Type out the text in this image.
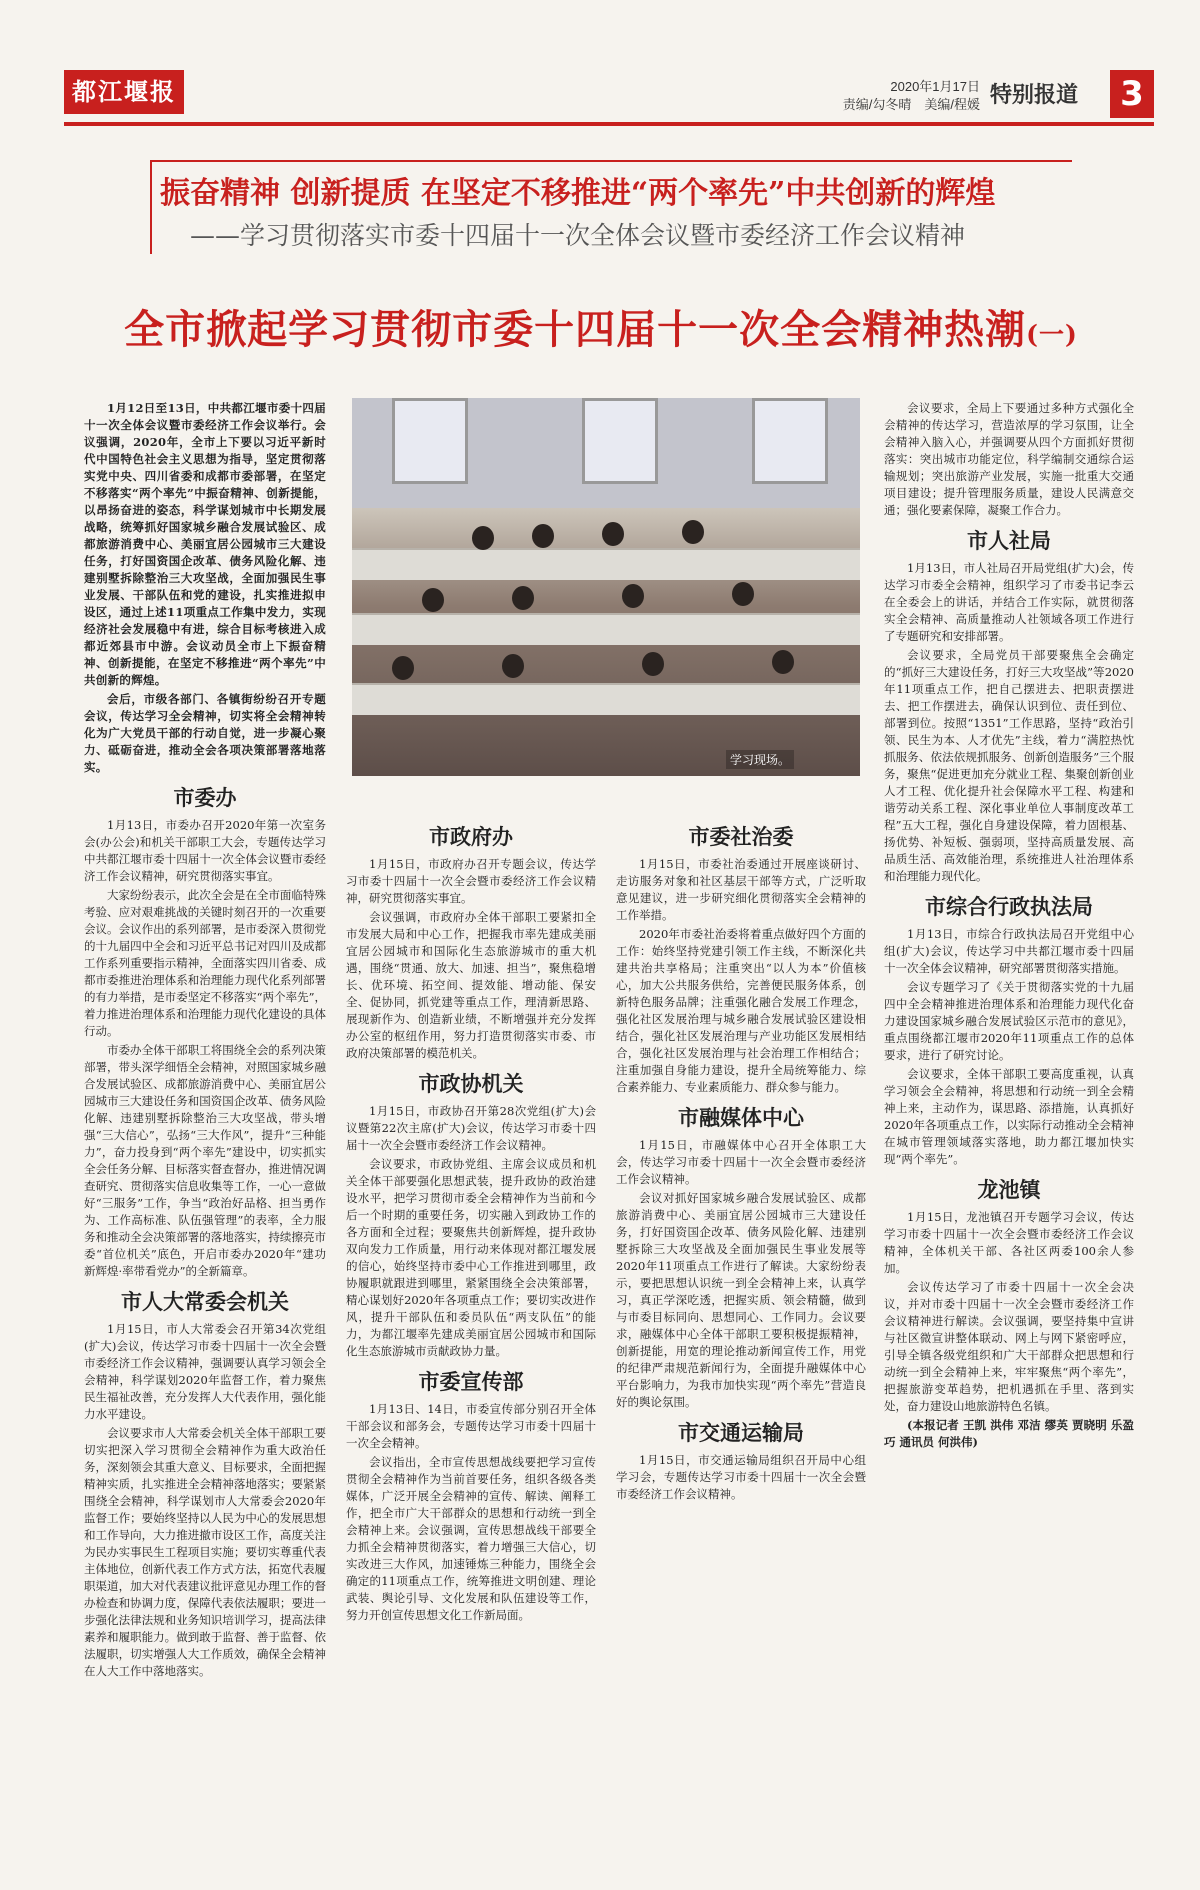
都江堰报	2020年1月17日
责编/勾冬晴　美编/程媛 特别报道 3
振奋精神 创新提质 在坚定不移推进“两个率先”中共创新的辉煌
——学习贯彻落实市委十四届十一次全体会议暨市委经济工作会议精神
全市掀起学习贯彻市委十四届十一次全会精神热潮(一)
学习现场。

1月12日至13日，中共都江堰市委十四届十一次全体会议暨市委经济工作会议举行。会议强调，2020年，全市上下要以习近平新时代中国特色社会主义思想为指导，坚定贯彻落实党中央、四川省委和成都市委部署，在坚定不移落实“两个率先”中振奋精神、创新提能，以昂扬奋进的姿态，科学谋划城市中长期发展战略，统筹抓好国家城乡融合发展试验区、成都旅游消费中心、美丽宜居公园城市三大建设任务，打好国资国企改革、债务风险化解、违建别墅拆除整治三大攻坚战，全面加强民生事业发展、干部队伍和党的建设，扎实推进拟申设区，通过上述11项重点工作集中发力，实现经济社会发展稳中有进，综合目标考核进入成都近郊县市中游。会议动员全市上下振奋精神、创新提能，在坚定不移推进“两个率先”中共创新的辉煌。

会后，市级各部门、各镇街纷纷召开专题会议，传达学习全会精神，切实将全会精神转化为广大党员干部的行动自觉，进一步凝心聚力、砥砺奋进，推动全会各项决策部署落地落实。

市委办

1月13日，市委办召开2020年第一次室务会(办公会)和机关干部职工大会，专题传达学习中共都江堰市委十四届十一次全体会议暨市委经济工作会议精神，研究贯彻落实事宜。

大家纷纷表示，此次全会是在全市面临特殊考验、应对艰难挑战的关键时刻召开的一次重要会议。会议作出的系列部署，是市委深入贯彻党的十九届四中全会和习近平总书记对四川及成都工作系列重要指示精神，全面落实四川省委、成都市委推进治理体系和治理能力现代化系列部署的有力举措，是市委坚定不移落实“两个率先”，着力推进治理体系和治理能力现代化建设的具体行动。

市委办全体干部职工将围绕全会的系列决策部署，带头深学细悟全会精神，对照国家城乡融合发展试验区、成都旅游消费中心、美丽宜居公园城市三大建设任务和国资国企改革、债务风险化解、违建别墅拆除整治三大攻坚战，带头增强“三大信心”，弘扬“三大作风”，提升“三种能力”，奋力投身到“两个率先”建设中，切实抓实全会任务分解、目标落实督查督办，推进情况调查研究、贯彻落实信息收集等工作，一心一意做好“三服务”工作，争当“政治好品格、担当勇作为、工作高标准、队伍强管理”的表率，全力服务和推动全会决策部署的落地落实，持续擦亮市委“首位机关”底色，开启市委办2020年“建功新辉煌·率带看党办”的全新篇章。

市人大常委会机关

1月15日，市人大常委会召开第34次党组(扩大)会议，传达学习市委十四届十一次全会暨市委经济工作会议精神，强调要认真学习领会全会精神，科学谋划2020年监督工作，着力聚焦民生福祉改善，充分发挥人大代表作用，强化能力水平建设。

会议要求市人大常委会机关全体干部职工要切实把深入学习贯彻全会精神作为重大政治任务，深刻领会其重大意义、目标要求，全面把握精神实质，扎实推进全会精神落地落实；要紧紧围绕全会精神，科学谋划市人大常委会2020年监督工作；要始终坚持以人民为中心的发展思想和工作导向，大力推进撤市设区工作，高度关注为民办实事民生工程项目实施；要切实尊重代表主体地位，创新代表工作方式方法，拓宽代表履职渠道，加大对代表建议批评意见办理工作的督办检查和协调力度，保障代表依法履职；要进一步强化法律法规和业务知识培训学习，提高法律素养和履职能力。做到敢于监督、善于监督、依法履职，切实增强人大工作质效，确保全会精神在人大工作中落地落实。

市政府办

1月15日，市政府办召开专题会议，传达学习市委十四届十一次全会暨市委经济工作会议精神，研究贯彻落实事宜。

会议强调，市政府办全体干部职工要紧扣全市发展大局和中心工作，把握我市率先建成美丽宜居公园城市和国际化生态旅游城市的重大机遇，围绕“贯通、放大、加速、担当”，聚焦稳增长、优环境、拓空间、提效能、增动能、保安全、促协同，抓党建等重点工作，理清新思路、展现新作为、创造新业绩，不断增强并充分发挥办公室的枢纽作用，努力打造贯彻落实市委、市政府决策部署的模范机关。

市政协机关

1月15日，市政协召开第28次党组(扩大)会议暨第22次主席(扩大)会议，传达学习市委十四届十一次全会暨市委经济工作会议精神。

会议要求，市政协党组、主席会议成员和机关全体干部要强化思想武装，提升政协的政治建设水平，把学习贯彻市委全会精神作为当前和今后一个时期的重要任务，切实融入到政协工作的各方面和全过程；要聚焦共创新辉煌，提升政协双向发力工作质量，用行动来体现对都江堰发展的信心，始终坚持市委中心工作推进到哪里，政协履职就跟进到哪里，紧紧围绕全会决策部署，精心谋划好2020年各项重点工作；要切实改进作风，提升干部队伍和委员队伍“两支队伍”的能力，为都江堰率先建成美丽宜居公园城市和国际化生态旅游城市贡献政协力量。

市委宣传部

1月13日、14日，市委宣传部分别召开全体干部会议和部务会，专题传达学习市委十四届十一次全会精神。

会议指出，全市宣传思想战线要把学习宣传贯彻全会精神作为当前首要任务，组织各级各类媒体，广泛开展全会精神的宣传、解读、阐释工作，把全市广大干部群众的思想和行动统一到全会精神上来。会议强调，宣传思想战线干部要全力抓全会精神贯彻落实，着力增强三大信心，切实改进三大作风，加速锤炼三种能力，围绕全会确定的11项重点工作，统筹推进文明创建、理论武装、舆论引导、文化发展和队伍建设等工作，努力开创宣传思想文化工作新局面。

市委社治委

1月15日，市委社治委通过开展座谈研讨、走访服务对象和社区基层干部等方式，广泛听取意见建议，进一步研究细化贯彻落实全会精神的工作举措。

2020年市委社治委将着重点做好四个方面的工作：始终坚持党建引领工作主线，不断深化共建共治共享格局；注重突出“以人为本”价值核心，加大公共服务供给，完善便民服务体系，创新特色服务品牌；注重强化融合发展工作理念，强化社区发展治理与城乡融合发展试验区建设相结合，强化社区发展治理与产业功能区发展相结合，强化社区发展治理与社会治理工作相结合；注重加强自身能力建设，提升全局统筹能力、综合素养能力、专业素质能力、群众参与能力。

市融媒体中心

1月15日，市融媒体中心召开全体职工大会，传达学习市委十四届十一次全会暨市委经济工作会议精神。

会议对抓好国家城乡融合发展试验区、成都旅游消费中心、美丽宜居公园城市三大建设任务，打好国资国企改革、债务风险化解、违建别墅拆除三大攻坚战及全面加强民生事业发展等2020年11项重点工作进行了解读。大家纷纷表示，要把思想认识统一到全会精神上来，认真学习，真正学深吃透，把握实质、领会精髓，做到与市委目标同向、思想同心、工作同力。会议要求，融媒体中心全体干部职工要积极提振精神，创新提能，用宽的理论推动新闻宣传工作，用党的纪律严肃规范新闻行为，全面提升融媒体中心平台影响力，为我市加快实现“两个率先”营造良好的舆论氛围。

市交通运输局

1月15日，市交通运输局组织召开局中心组学习会，专题传达学习市委十四届十一次全会暨市委经济工作会议精神。

会议要求，全局上下要通过多种方式强化全会精神的传达学习，营造浓厚的学习氛围，让全会精神入脑入心，并强调要从四个方面抓好贯彻落实：突出城市功能定位，科学编制交通综合运输规划；突出旅游产业发展，实施一批重大交通项目建设；提升管理服务质量，建设人民满意交通；强化要素保障，凝聚工作合力。

市人社局

1月13日，市人社局召开局党组(扩大)会，传达学习市委全会精神，组织学习了市委书记李云在全委会上的讲话，并结合工作实际，就贯彻落实全会精神、高质量推动人社领域各项工作进行了专题研究和安排部署。

会议要求，全局党员干部要聚焦全会确定的“抓好三大建设任务，打好三大攻坚战”等2020年11项重点工作，把自己摆进去、把职责摆进去、把工作摆进去，确保认识到位、责任到位、部署到位。按照“1351”工作思路，坚持“政治引领、民生为本、人才优先”主线，着力“满腔热忱抓服务、依法依规抓服务、创新创造服务”三个服务，聚焦“促进更加充分就业工程、集聚创新创业人才工程、优化提升社会保障水平工程、构建和谐劳动关系工程、深化事业单位人事制度改革工程”五大工程，强化自身建设保障，着力固根基、扬优势、补短板、强弱项，坚持高质量发展、高品质生活、高效能治理，系统推进人社治理体系和治理能力现代化。

市综合行政执法局

1月13日，市综合行政执法局召开党组中心组(扩大)会议，传达学习中共都江堰市委十四届十一次全体会议精神，研究部署贯彻落实措施。

会议专题学习了《关于贯彻落实党的十九届四中全会精神推进治理体系和治理能力现代化奋力建设国家城乡融合发展试验区示范市的意见》，重点围绕都江堰市2020年11项重点工作的总体要求，进行了研究讨论。

会议要求，全体干部职工要高度重视，认真学习领会全会精神，将思想和行动统一到全会精神上来，主动作为，谋思路、添措施，认真抓好2020年各项重点工作，以实际行动推动全会精神在城市管理领域落实落地，助力都江堰加快实现“两个率先”。

龙池镇

1月15日，龙池镇召开专题学习会议，传达学习市委十四届十一次全会暨市委经济工作会议精神，全体机关干部、各社区两委100余人参加。

会议传达学习了市委十四届十一次全会决议，并对市委十四届十一次全会暨市委经济工作会议精神进行解读。会议强调，要坚持集中宣讲与社区微宣讲整体联动、网上与网下紧密呼应，引导全镇各级党组织和广大干部群众把思想和行动统一到全会精神上来，牢牢聚焦“两个率先”，把握旅游变革趋势，把机遇抓在手里、落到实处，奋力建设山地旅游特色名镇。

(本报记者 王凯 洪伟 邓洁 缪英 贾晓明 乐盈巧 通讯员 何洪伟)
